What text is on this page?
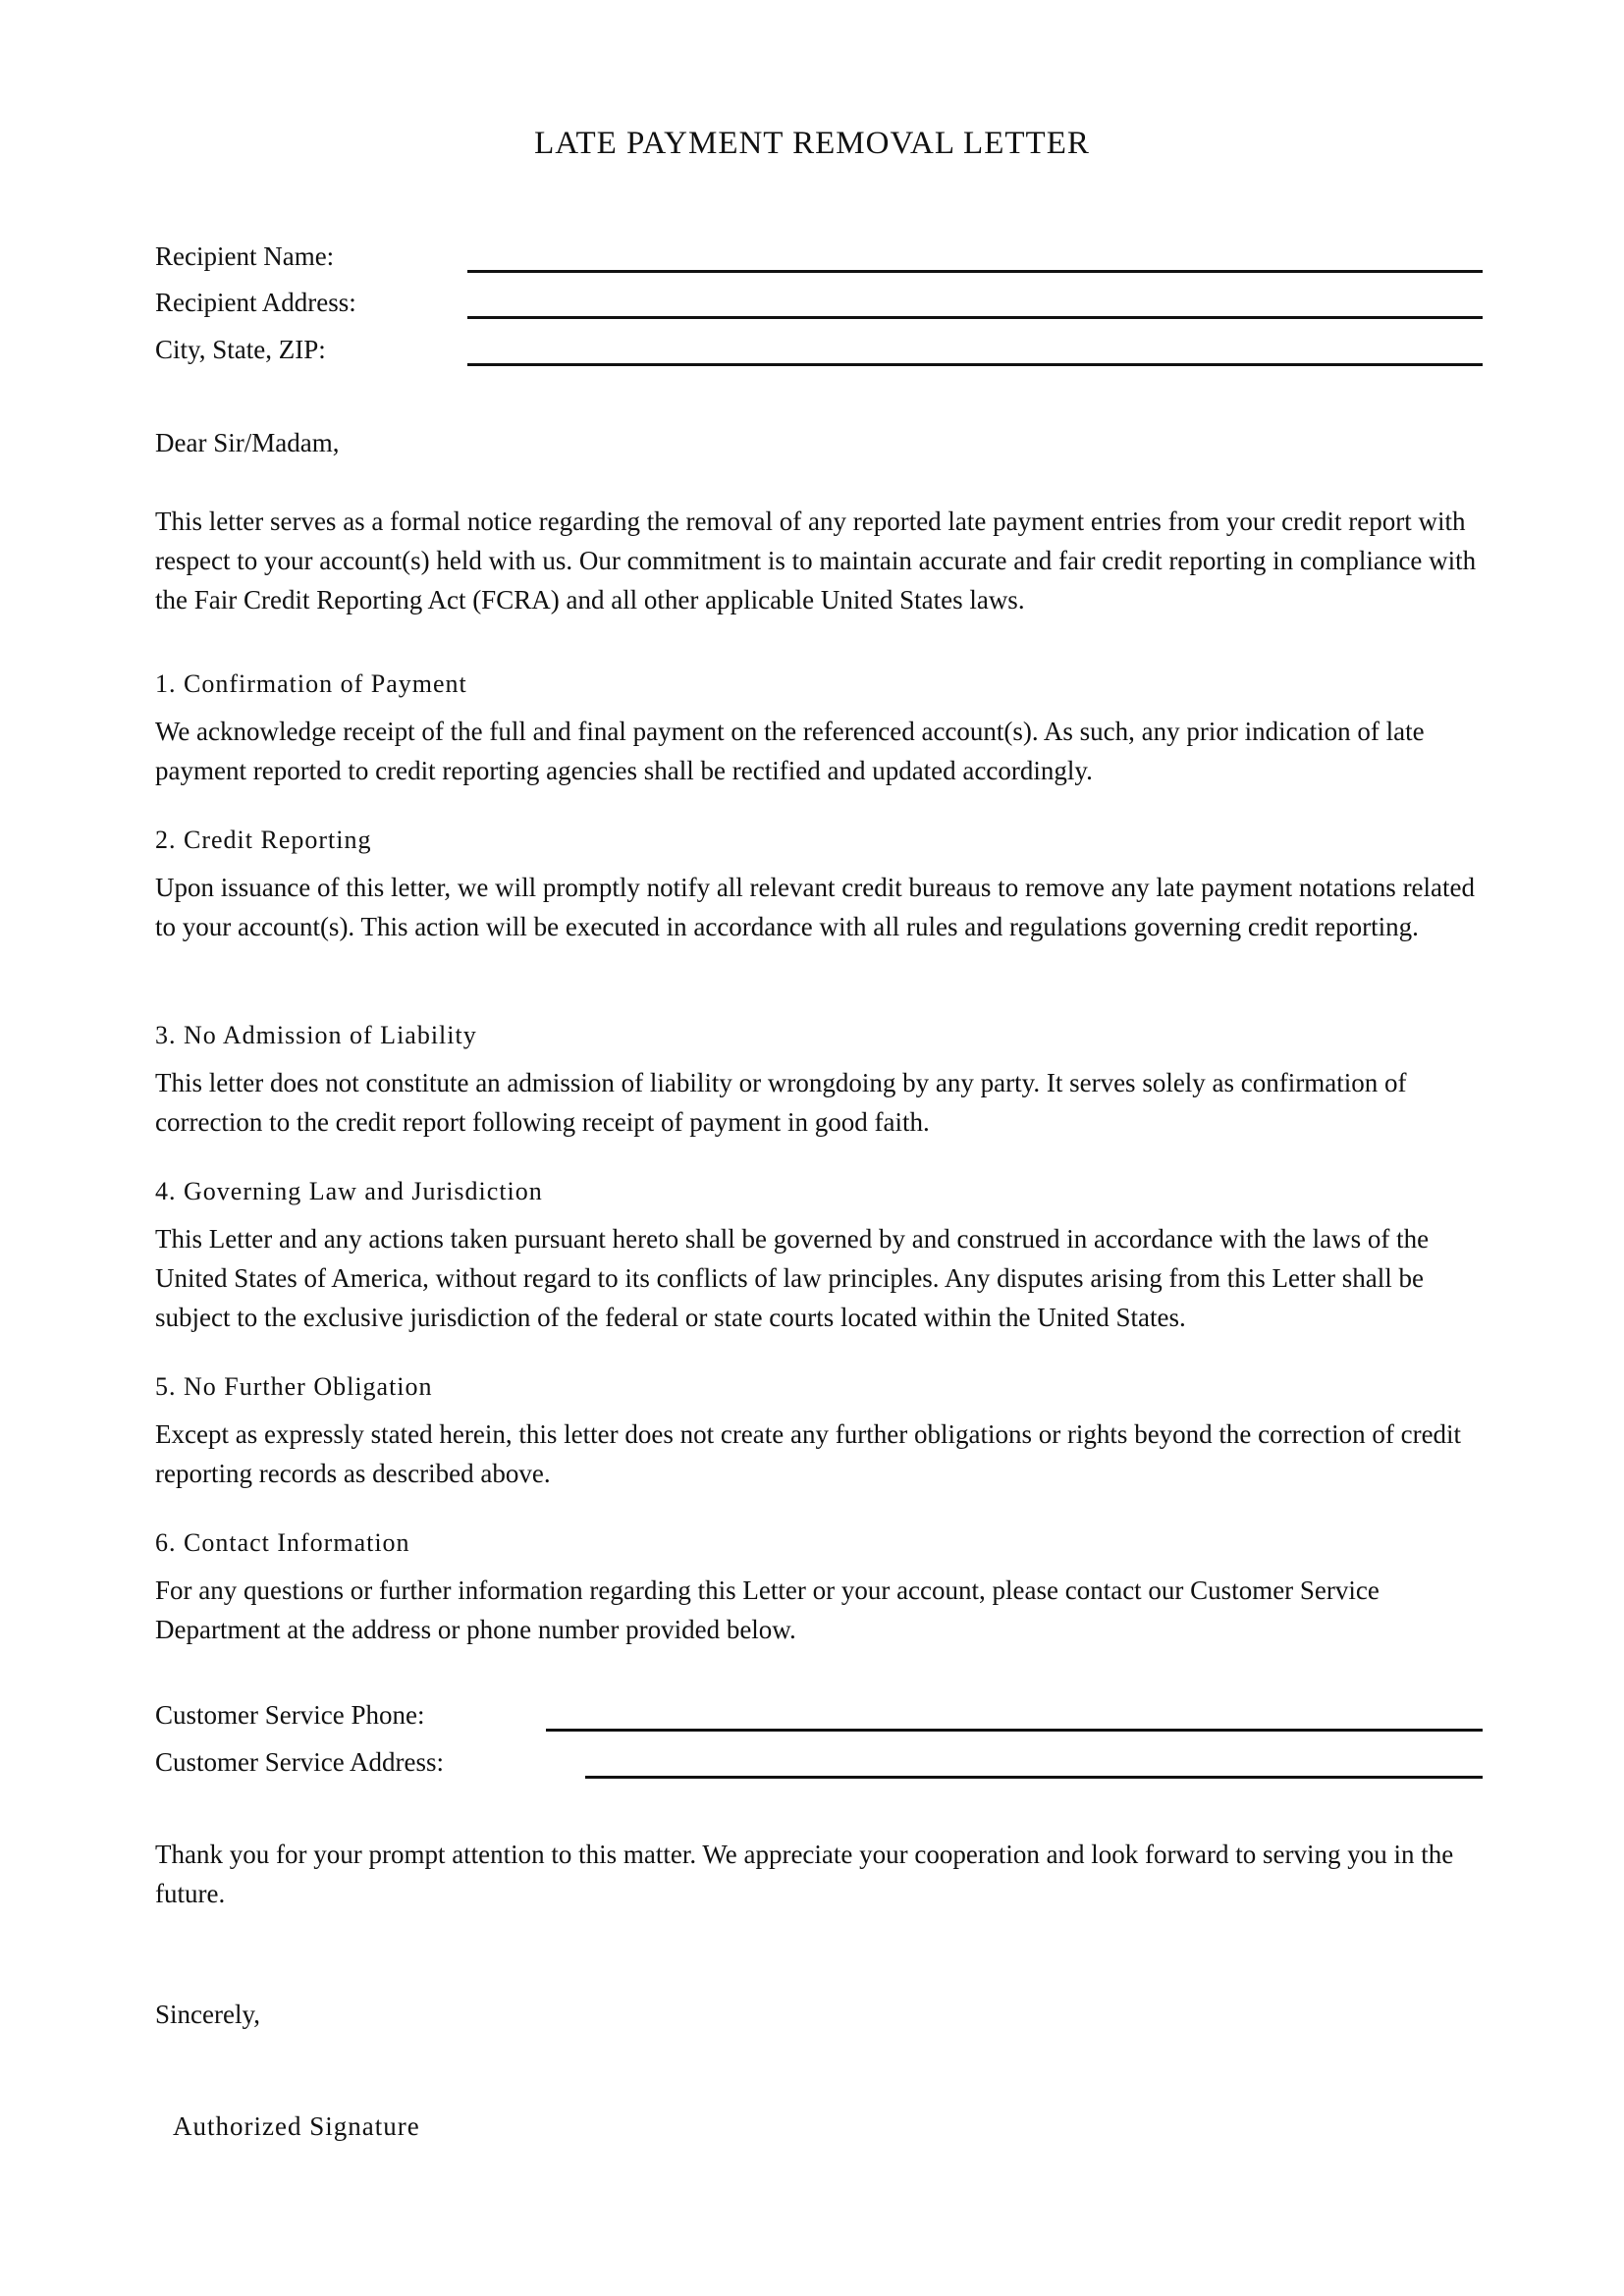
LATE PAYMENT REMOVAL LETTER
Recipient Name:
Recipient Address:
City, State, ZIP:
Dear Sir/Madam,
This letter serves as a formal notice regarding the removal of any reported late payment entries from your credit report with respect to your account(s) held with us. Our commitment is to maintain accurate and fair credit reporting in compliance with the Fair Credit Reporting Act (FCRA) and all other applicable United States laws.
1. Confirmation of Payment
We acknowledge receipt of the full and final payment on the referenced account(s). As such, any prior indication of late payment reported to credit reporting agencies shall be rectified and updated accordingly.
2. Credit Reporting
Upon issuance of this letter, we will promptly notify all relevant credit bureaus to remove any late payment notations related to your account(s). This action will be executed in accordance with all rules and regulations governing credit reporting.
3. No Admission of Liability
This letter does not constitute an admission of liability or wrongdoing by any party. It serves solely as confirmation of correction to the credit report following receipt of payment in good faith.
4. Governing Law and Jurisdiction
This Letter and any actions taken pursuant hereto shall be governed by and construed in accordance with the laws of the United States of America, without regard to its conflicts of law principles. Any disputes arising from this Letter shall be subject to the exclusive jurisdiction of the federal or state courts located within the United States.
5. No Further Obligation
Except as expressly stated herein, this letter does not create any further obligations or rights beyond the correction of credit reporting records as described above.
6. Contact Information
For any questions or further information regarding this Letter or your account, please contact our Customer Service Department at the address or phone number provided below.
Customer Service Phone:
Customer Service Address:
Thank you for your prompt attention to this matter. We appreciate your cooperation and look forward to serving you in the future.
Sincerely,
Authorized Signature
